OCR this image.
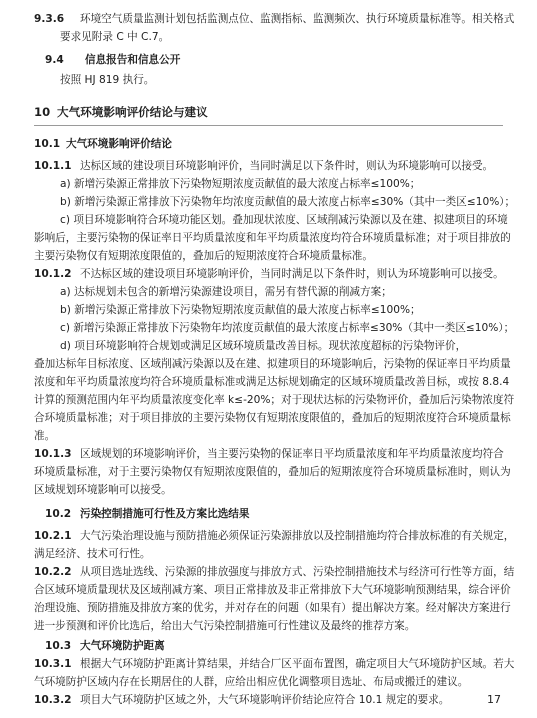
9.3.6 环境空气质量监测计划包括监测点位、监测指标、监测频次、执行环境质量标准等。相关格式
要求见附录 C 中 C.7。
9.4 信息报告和信息公开
按照 HJ 819 执行。
10 大气环境影响评价结论与建议
10.1 大气环境影响评价结论
10.1.1 达标区域的建设项目环境影响评价，当同时满足以下条件时，则认为环境影响可以接受。
a) 新增污染源正常排放下污染物短期浓度贡献值的最大浓度占标率≤100%；
b) 新增污染源正常排放下污染物年均浓度贡献值的最大浓度占标率≤30%（其中一类区≤10%）；
c) 项目环境影响符合环境功能区划。叠加现状浓度、区域削减污染源以及在建、拟建项目的环境
影响后，主要污染物的保证率日平均质量浓度和年平均质量浓度均符合环境质量标准；对于项目排放的
主要污染物仅有短期浓度限值的，叠加后的短期浓度符合环境质量标准。
10.1.2 不达标区域的建设项目环境影响评价，当同时满足以下条件时，则认为环境影响可以接受。
a) 达标规划未包含的新增污染源建设项目，需另有替代源的削减方案；
b) 新增污染源正常排放下污染物短期浓度贡献值的最大浓度占标率≤100%；
c) 新增污染源正常排放下污染物年均浓度贡献值的最大浓度占标率≤30%（其中一类区≤10%）；
d) 项目环境影响符合规划或满足区域环境质量改善目标。现状浓度超标的污染物评价，
叠加达标年目标浓度、区域削减污染源以及在建、拟建项目的环境影响后，污染物的保证率日平均质量
浓度和年平均质量浓度均符合环境质量标准或满足达标规划确定的区域环境质量改善目标，或按 8.8.4
计算的预测范围内年平均质量浓度变化率 k≤-20%；对于现状达标的污染物评价，叠加后污染物浓度符
合环境质量标准；对于项目排放的主要污染物仅有短期浓度限值的，叠加后的短期浓度符合环境质量标
准。
10.1.3 区域规划的环境影响评价，当主要污染物的保证率日平均质量浓度和年平均质量浓度均符合
环境质量标准，对于主要污染物仅有短期浓度限值的，叠加后的短期浓度符合环境质量标准时，则认为
区域规划环境影响可以接受。
10.2 污染控制措施可行性及方案比选结果
10.2.1 大气污染治理设施与预防措施必须保证污染源排放以及控制措施均符合排放标准的有关规定，
满足经济、技术可行性。
10.2.2 从项目选址选线、污染源的排放强度与排放方式、污染控制措施技术与经济可行性等方面，结
合区域环境质量现状及区域削减方案、项目正常排放及非正常排放下大气环境影响预测结果，综合评价
治理设施、预防措施及排放方案的优劣，并对存在的问题（如果有）提出解决方案。经对解决方案进行
进一步预测和评价比选后，给出大气污染控制措施可行性建议及最终的推荐方案。
10.3 大气环境防护距离
10.3.1 根据大气环境防护距离计算结果，并结合厂区平面布置图，确定项目大气环境防护区域。若大
气环境防护区域内存在长期居住的人群，应给出相应优化调整项目选址、布局或搬迁的建议。
10.3.2 项目大气环境防护区域之外，大气环境影响评价结论应符合 10.1 规定的要求。	17
